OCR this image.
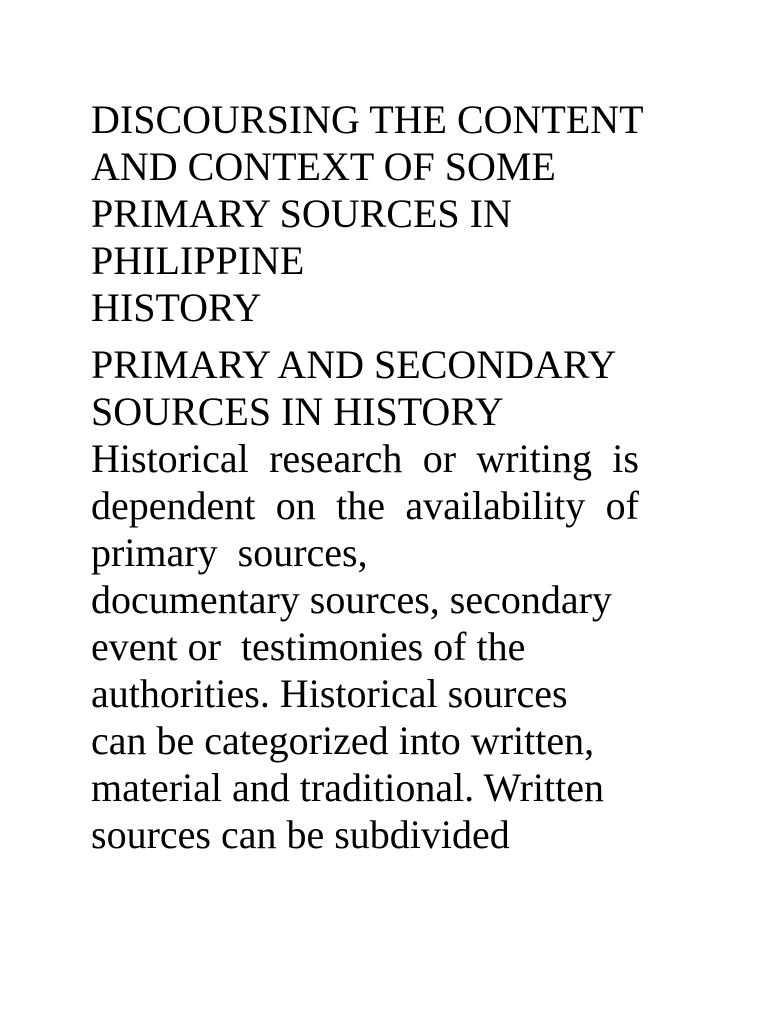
DISCOURSING THE CONTENT
AND CONTEXT OF SOME
PRIMARY SOURCES IN
PHILIPPINE
HISTORY
PRIMARY AND SECONDARY
SOURCES IN HISTORY
Historical research or writing is
dependent on the availability of
primary  sources,
documentary sources, secondary
event or  testimonies of the
authorities. Historical sources
can be categorized into written,
material and traditional. Written
sources can be subdivided
